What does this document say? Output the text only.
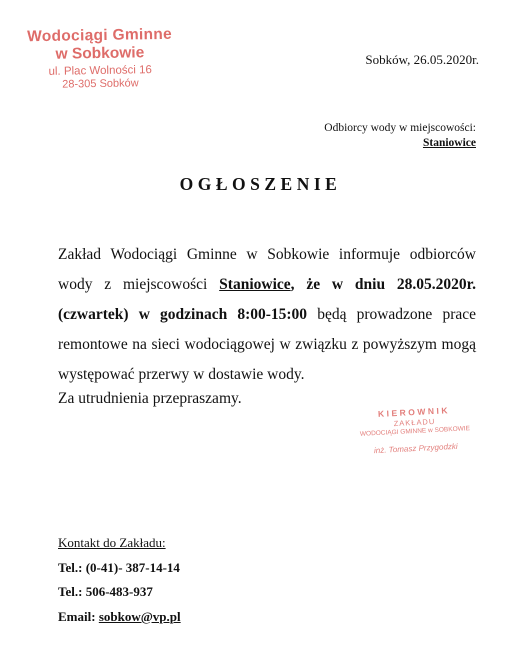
Wodociągi Gminne
w Sobkowie
ul. Plac Wolności 16
28-305 Sobków
Sobków, 26.05.2020r.
Odbiorcy wody w miejscowości:
Staniowice
OGŁOSZENIE
Zakład Wodociągi Gminne w Sobkowie informuje odbiorców wody z miejscowości Staniowice, że w dniu 28.05.2020r. (czwartek) w godzinach 8:00-15:00 będą prowadzone prace remontowe na sieci wodociągowej w związku z powyższym mogą występować przerwy w dostawie wody.
Za utrudnienia przepraszamy.
KIEROWNIK
ZAKŁADU
WODOCIĄGI GMINNE w SOBKOWIE
inż. Tomasz Przygodzki
Kontakt do Zakładu:
Tel.: (0-41)- 387-14-14
Tel.: 506-483-937
Email: sobkow@vp.pl
